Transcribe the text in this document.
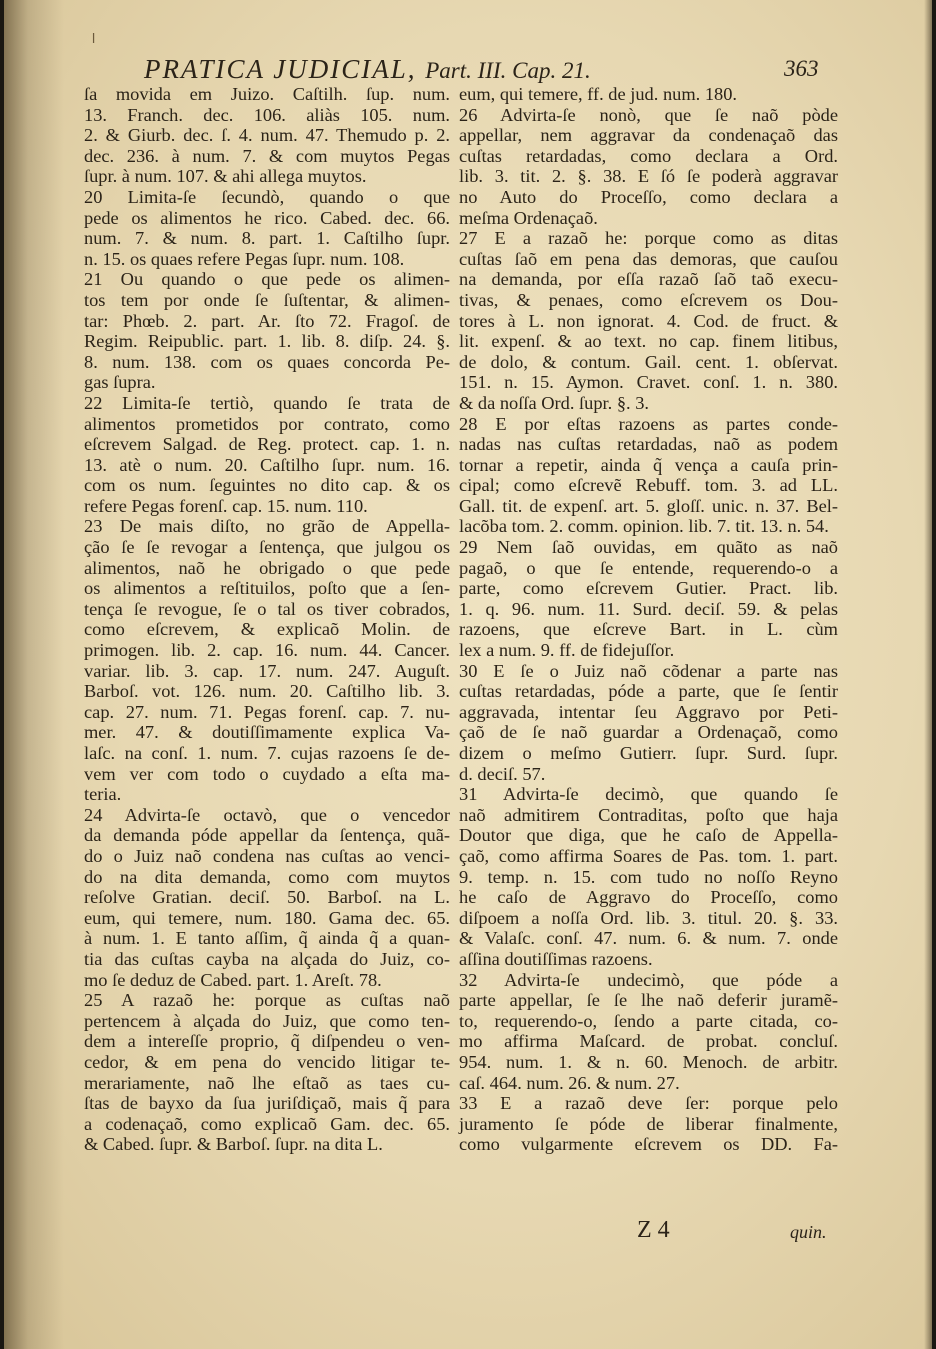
l
PRATICA JUDICIAL, Part. III. Cap. 21.	363
ſa movida em Juizo. Caſtilh. ſup. num.
13. Franch. dec. 106. aliàs 105. num.
2. & Giurb. dec. ſ. 4. num. 47. Themudo p. 2.
dec. 236. à num. 7. & com muytos Pegas
ſupr. à num. 107. & ahi allega muytos.
20 Limita-ſe ſecundò, quando o que
pede os alimentos he rico. Cabed. dec. 66.
num. 7. & num. 8. part. 1. Caſtilho ſupr.
n. 15. os quaes refere Pegas ſupr. num. 108.
21 Ou quando o que pede os alimen-
tos tem por onde ſe ſuſtentar, & alimen-
tar: Phœb. 2. part. Ar. ſto 72. Fragoſ. de
Regim. Reipublic. part. 1. lib. 8. diſp. 24. §.
8. num. 138. com os quaes concorda Pe-
gas ſupra.
22 Limita-ſe tertiò, quando ſe trata de
alimentos prometidos por contrato, como
eſcrevem Salgad. de Reg. protect. cap. 1. n.
13. atè o num. 20. Caſtilho ſupr. num. 16.
com os num. ſeguintes no dito cap. & os
refere Pegas forenſ. cap. 15. num. 110.
23 De mais diſto, no grão de Appella-
ção ſe ſe revogar a ſentença, que julgou os
alimentos, naõ he obrigado o que pede
os alimentos a reſtituilos, poſto que a ſen-
tença ſe revogue, ſe o tal os tiver cobrados,
como eſcrevem, & explicaõ Molin. de
primogen. lib. 2. cap. 16. num. 44. Cancer.
variar. lib. 3. cap. 17. num. 247. Auguſt.
Barboſ. vot. 126. num. 20. Caſtilho lib. 3.
cap. 27. num. 71. Pegas forenſ. cap. 7. nu-
mer. 47. & doutiſſimamente explica Va-
laſc. na conſ. 1. num. 7. cujas razoens ſe de-
vem ver com todo o cuydado a eſta ma-
teria.
24 Advirta-ſe octavò, que o vencedor
da demanda póde appellar da ſentença, quã-
do o Juiz naõ condena nas cuſtas ao venci-
do na dita demanda, como com muytos
reſolve Gratian. deciſ. 50. Barboſ. na L.
eum, qui temere, num. 180. Gama dec. 65.
à num. 1. E tanto aſſim, q̃ ainda q̃ a quan-
tia das cuſtas cayba na alçada do Juiz, co-
mo ſe deduz de Cabed. part. 1. Areſt. 78.
25 A razaõ he: porque as cuſtas naõ
pertencem à alçada do Juiz, que como ten-
dem a intereſſe proprio, q̃ diſpendeu o ven-
cedor, & em pena do vencido litigar te-
merariamente, naõ lhe eſtaõ as taes cu-
ſtas de bayxo da ſua juriſdiçaõ, mais q̃ para
a codenaçaõ, como explicaõ Gam. dec. 65.
& Cabed. ſupr. & Barboſ. ſupr. na dita L.
eum, qui temere, ff. de jud. num. 180.
26 Advirta-ſe nonò, que ſe naõ pòde
appellar, nem aggravar da condenaçaõ das
cuſtas retardadas, como declara a Ord.
lib. 3. tit. 2. §. 38. E ſó ſe poderà aggravar
no Auto do Proceſſo, como declara a
meſma Ordenaçaõ.
27 E a razaõ he: porque como as ditas
cuſtas ſaõ em pena das demoras, que cauſou
na demanda, por eſſa razaõ ſaõ taõ execu-
tivas, & penaes, como eſcrevem os Dou-
tores à L. non ignorat. 4. Cod. de fruct. &
lit. expenſ. & ao text. no cap. finem litibus,
de dolo, & contum. Gail. cent. 1. obſervat.
151. n. 15. Aymon. Cravet. conſ. 1. n. 380.
& da noſſa Ord. ſupr. §. 3.
28 E por eſtas razoens as partes conde-
nadas nas cuſtas retardadas, naõ as podem
tornar a repetir, ainda q̃ vença a cauſa prin-
cipal; como eſcrevẽ Rebuff. tom. 3. ad LL.
Gall. tit. de expenſ. art. 5. gloſſ. unic. n. 37. Bel-
lacõba tom. 2. comm. opinion. lib. 7. tit. 13. n. 54.
29 Nem ſaõ ouvidas, em quãto as naõ
pagaõ, o que ſe entende, requerendo-o a
parte, como eſcrevem Gutier. Pract. lib.
1. q. 96. num. 11. Surd. deciſ. 59. & pelas
razoens, que eſcreve Bart. in L. cùm
lex a num. 9. ff. de fidejuſſor.
30 E ſe o Juiz naõ cõdenar a parte nas
cuſtas retardadas, póde a parte, que ſe ſentir
aggravada, intentar ſeu Aggravo por Peti-
çaõ de ſe naõ guardar a Ordenaçaõ, como
dizem o meſmo Gutierr. ſupr. Surd. ſupr.
d. deciſ. 57.
31 Advirta-ſe decimò, que quando ſe
naõ admitirem Contraditas, poſto que haja
Doutor que diga, que he caſo de Appella-
çaõ, como affirma Soares de Pas. tom. 1. part.
9. temp. n. 15. com tudo no noſſo Reyno
he caſo de Aggravo do Proceſſo, como
diſpoem a noſſa Ord. lib. 3. titul. 20. §. 33.
& Valaſc. conſ. 47. num. 6. & num. 7. onde
aſſina doutiſſimas razoens.
32 Advirta-ſe undecimò, que póde a
parte appellar, ſe ſe lhe naõ deferir juramẽ-
to, requerendo-o, ſendo a parte citada, co-
mo affirma Maſcard. de probat. concluſ.
954. num. 1. & n. 60. Menoch. de arbitr.
caſ. 464. num. 26. & num. 27.
33 E a razaõ deve ſer: porque pelo
juramento ſe póde de liberar finalmente,
como vulgarmente eſcrevem os DD. Fa-
Z 4	quin.
